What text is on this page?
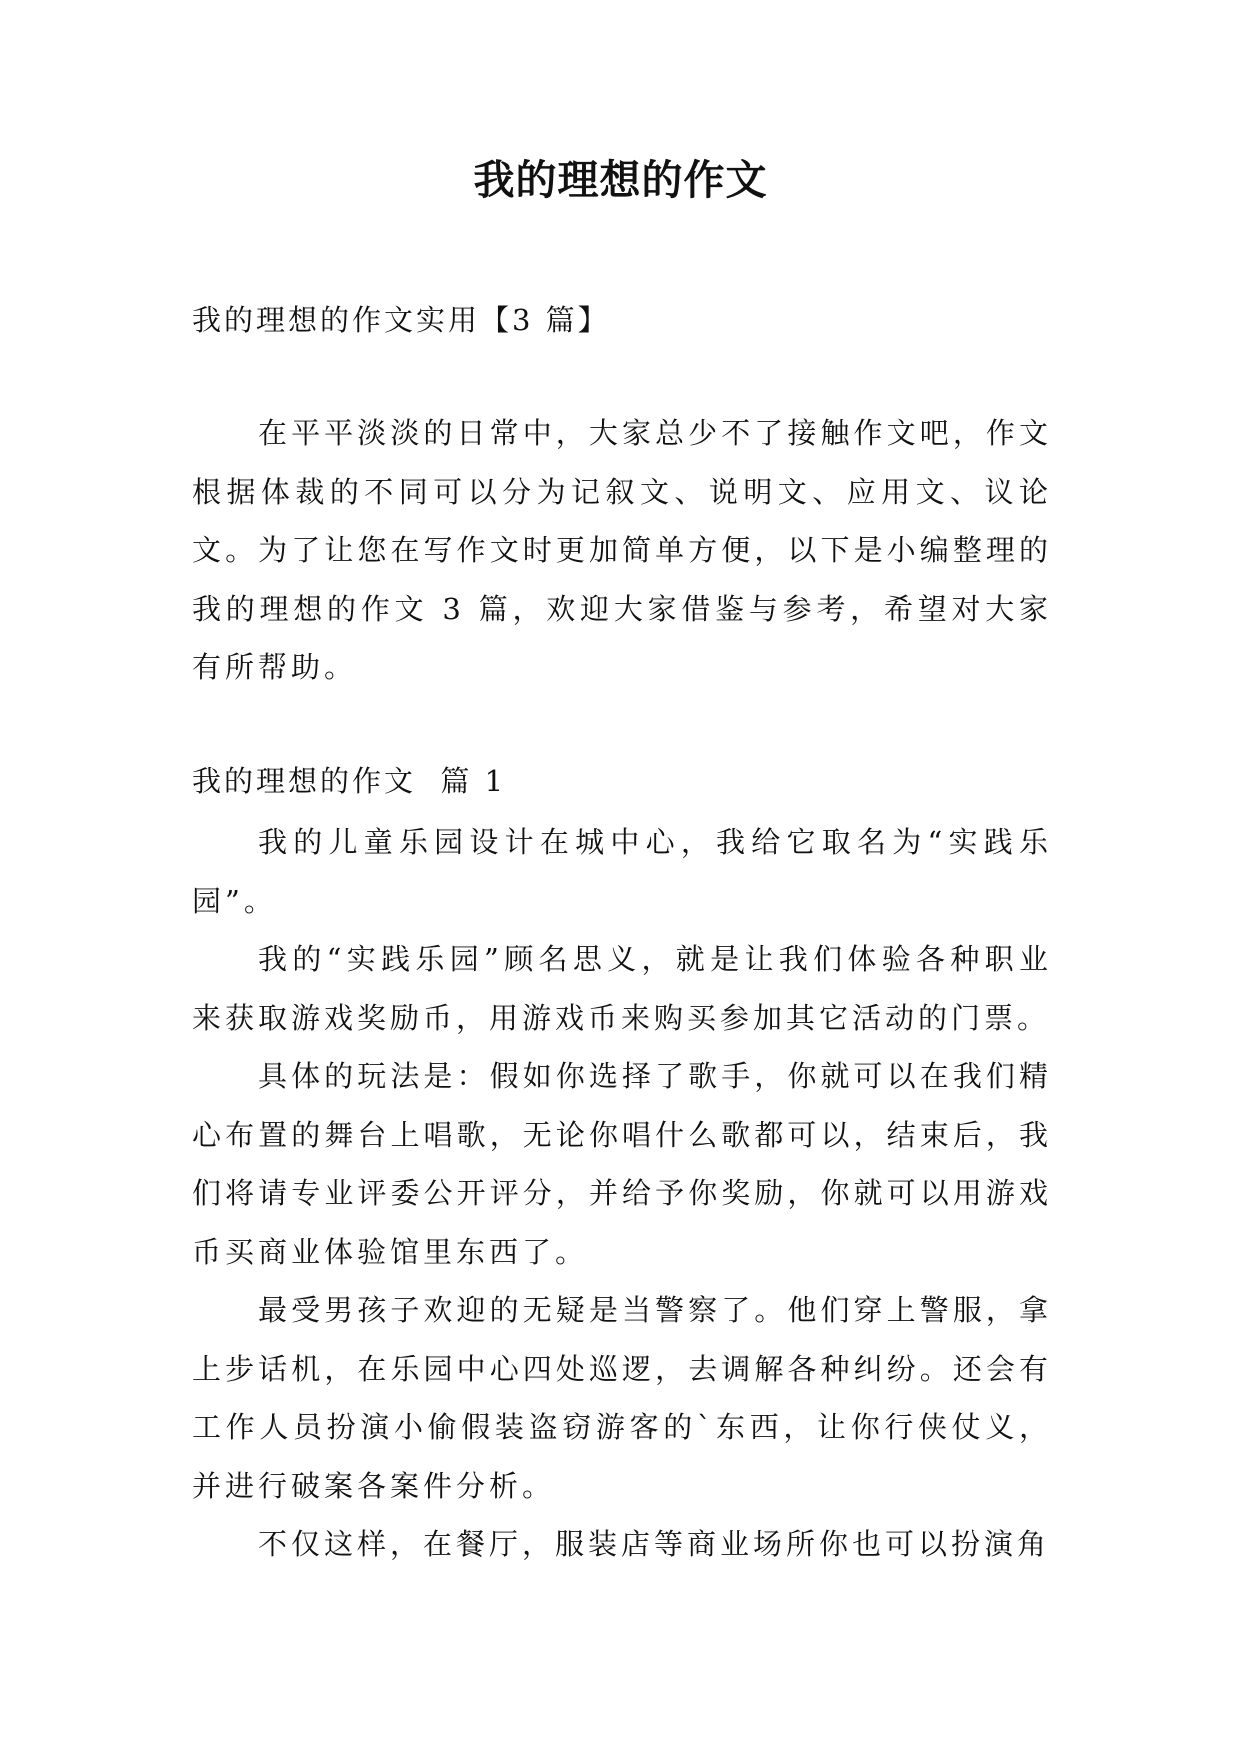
我的理想的作文
我的理想的作文实用【3 篇】

在平平淡淡的日常中，大家总少不了接触作文吧，作文根据体裁的不同可以分为记叙文、说明文、应用文、议论文。为了让您在写作文时更加简单方便，以下是小编整理的我的理想的作文 3 篇，欢迎大家借鉴与参考，希望对大家有所帮助。

我的理想的作文  篇 1

我的儿童乐园设计在城中心，我给它取名为“实践乐园”。

我的“实践乐园”顾名思义，就是让我们体验各种职业来获取游戏奖励币，用游戏币来购买参加其它活动的门票。

具体的玩法是：假如你选择了歌手，你就可以在我们精心布置的舞台上唱歌，无论你唱什么歌都可以，结束后，我们将请专业评委公开评分，并给予你奖励，你就可以用游戏币买商业体验馆里东西了。

最受男孩子欢迎的无疑是当警察了。他们穿上警服，拿上步话机，在乐园中心四处巡逻，去调解各种纠纷。还会有工作人员扮演小偷假装盗窃游客的`东西，让你行侠仗义，并进行破案各案件分析。

不仅这样，在餐厅，服装店等商业场所你也可以扮演角
